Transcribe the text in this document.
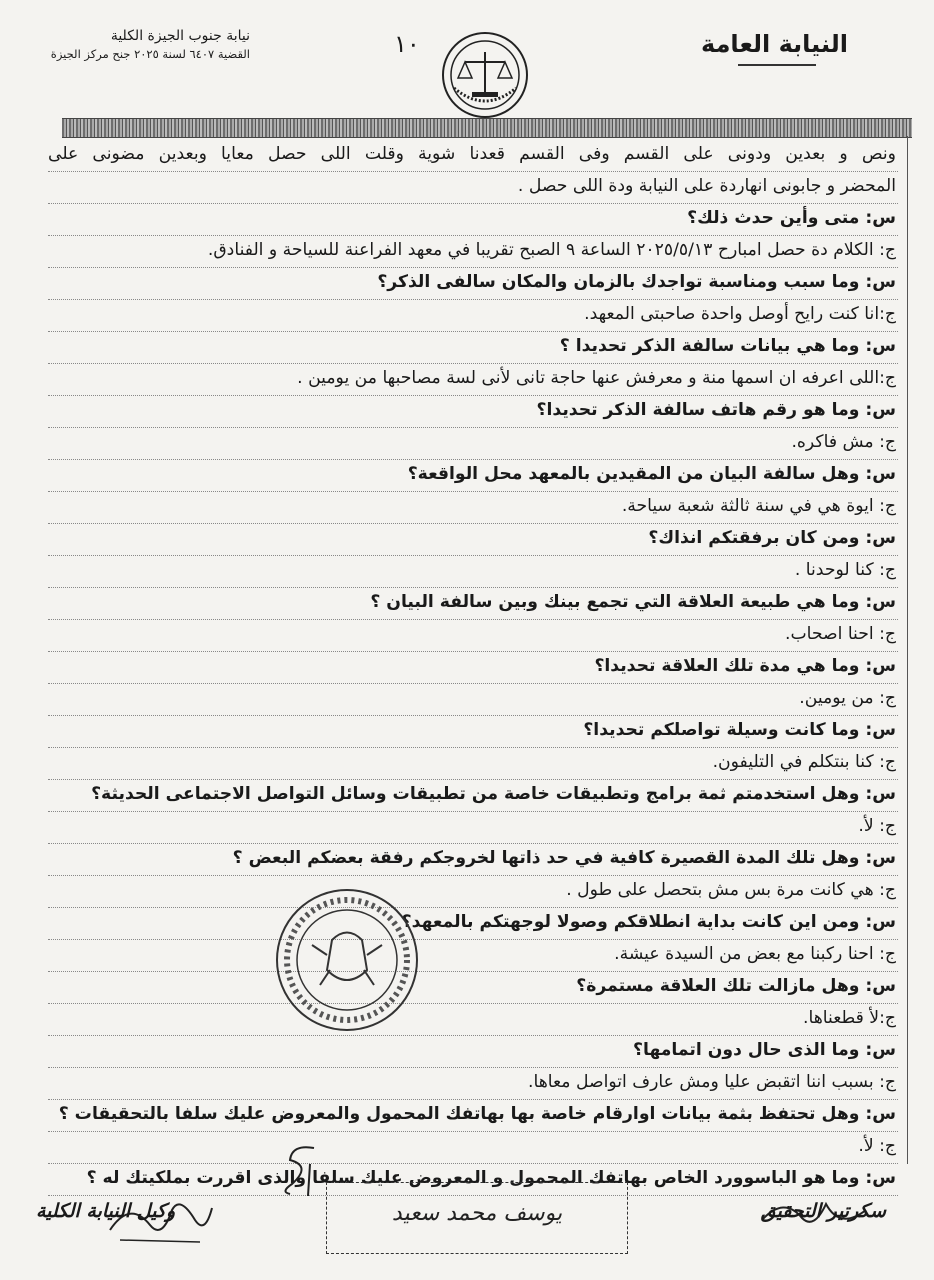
النيابة العامة
نيابة جنوب الجيزة الكلية
القضية ٦٤٠٧ لسنة ٢٠٢٥ جنح مركز الجيزة	١٠
ونص و بعدين ودونى على القسم وفى القسم قعدنا شوية وقلت اللى حصل معايا وبعدين مضونى على
المحضر و جابونى انهاردة على النيابة ودة اللى حصل .
س: متى وأين حدث ذلك؟
ج: الكلام دة حصل امبارح ٢٠٢٥/٥/١٣ الساعة ٩ الصبح تقريبا في معهد الفراعنة للسياحة و الفنادق.
س: وما سبب ومناسبة تواجدك بالزمان والمكان سالفى الذكر؟
ج:انا كنت رايح أوصل واحدة صاحبتى المعهد.
س: وما هي بيانات سالفة الذكر تحديدا ؟
ج:اللى اعرفه ان اسمها منة و معرفش عنها حاجة تانى لأنى لسة مصاحبها من يومين .
س: وما هو رقم هاتف سالفة الذكر تحديدا؟
ج: مش فاكره.
س: وهل سالفة البيان من المقيدين بالمعهد محل الواقعة؟
ج: ايوة هي في سنة ثالثة شعبة سياحة.
س: ومن كان برفقتكم انذاك؟
ج: كنا لوحدنا .
س: وما هي طبيعة العلاقة التي تجمع بينك وبين سالفة البيان ؟
ج: احنا اصحاب.
س: وما هي مدة تلك العلاقة تحديدا؟
ج: من يومين.
س: وما كانت وسيلة تواصلكم تحديدا؟
ج: كنا بنتكلم في التليفون.
س: وهل استخدمتم ثمة برامج وتطبيقات خاصة من تطبيقات وسائل التواصل الاجتماعى الحديثة؟
ج: لأ.
س: وهل تلك المدة القصيرة كافية في حد ذاتها لخروجكم رفقة بعضكم البعض ؟
ج: هي كانت مرة بس مش بتحصل على طول .
س: ومن اين كانت بداية انطلاقكم وصولا لوجهتكم بالمعهد؟
ج: احنا ركبنا مع بعض من السيدة عيشة.
س: وهل مازالت تلك العلاقة مستمرة؟
ج:لأ قطعناها.
س: وما الذى حال دون اتمامها؟
ج: بسبب اننا اتقبض عليا ومش عارف اتواصل معاها.
س: وهل تحتفظ بثمة بيانات اوارقام خاصة بها بهاتفك المحمول والمعروض عليك سلفا بالتحقيقات ؟
ج: لأ.
س: وما هو الباسوورد الخاص بهاتفك المحمول و المعروض عليك سلفا والذى اقررت بملكيتك له ؟
يوسف محمد سعيد
وكيل النيابة الكلية	سكرتير التحقيق
